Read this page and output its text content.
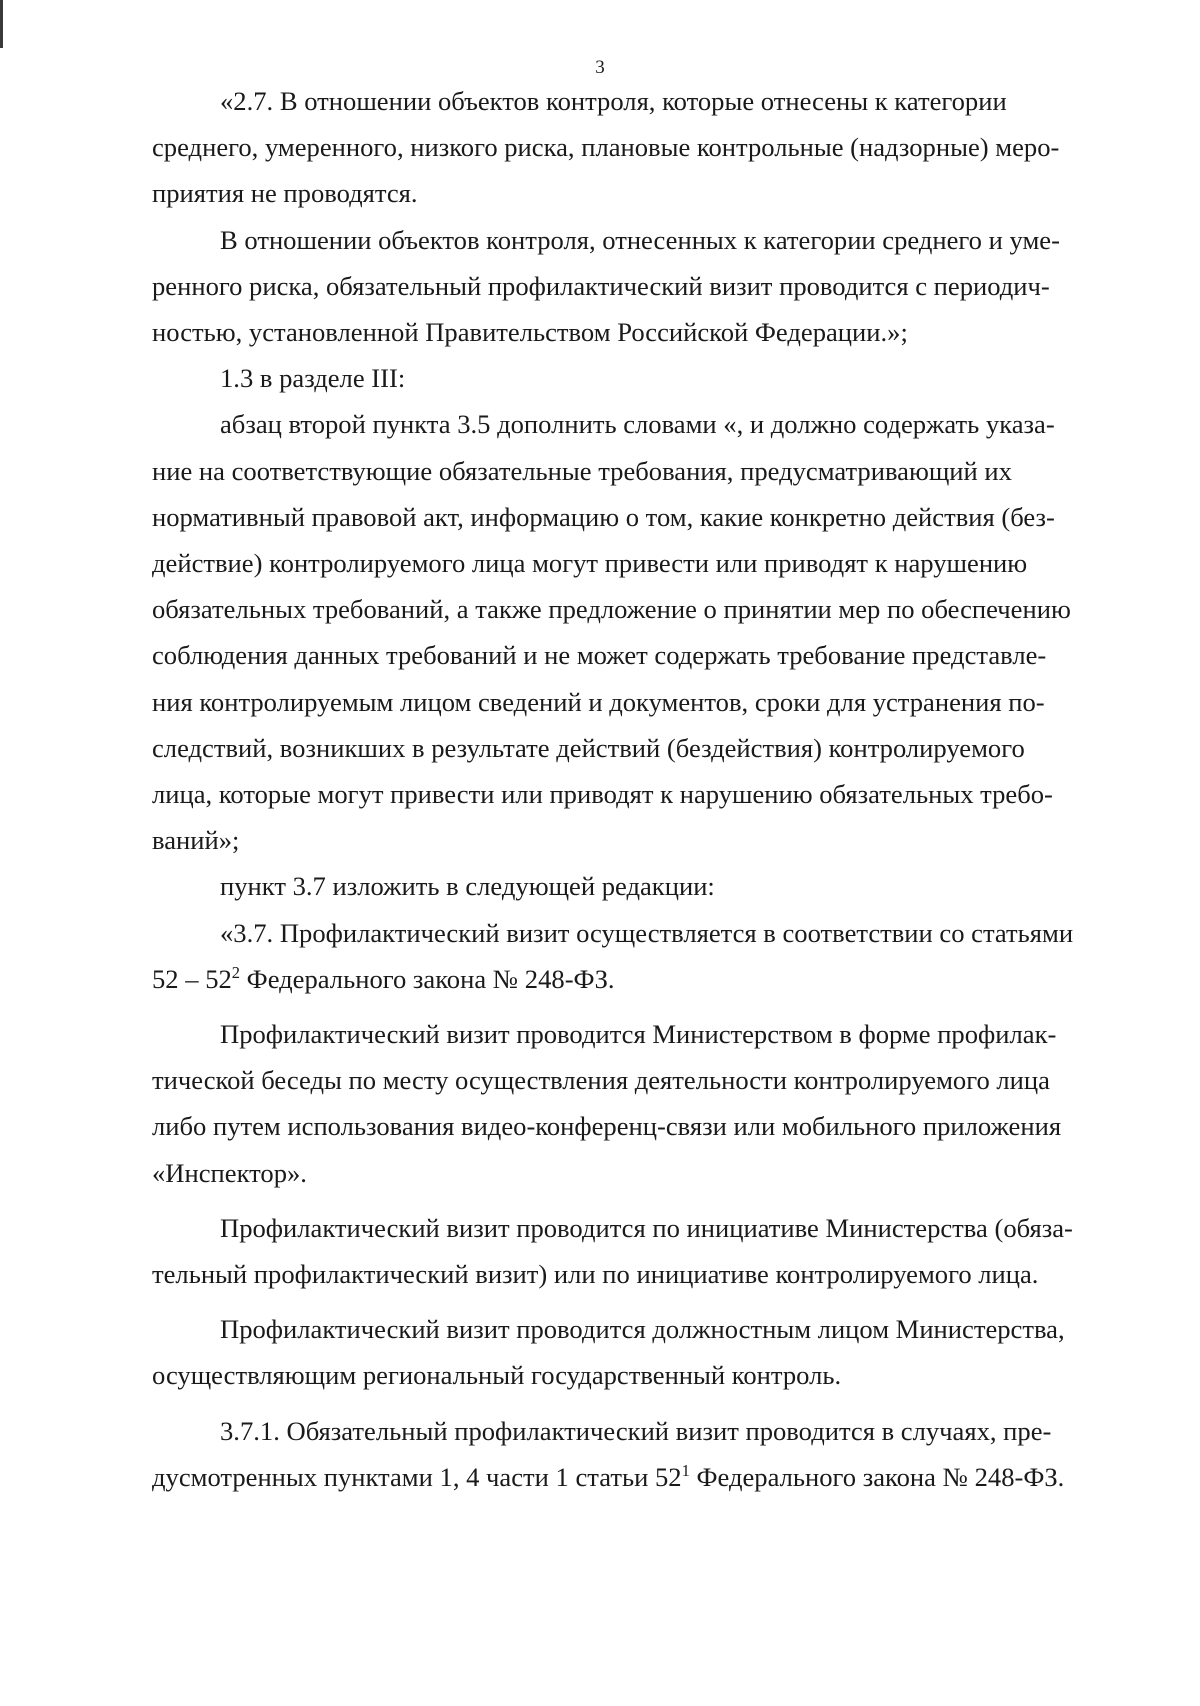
3

«2.7. В отношении объектов контроля, которые отнесены к категории
среднего, умеренного, низкого риска, плановые контрольные (надзорные) меро-
приятия не проводятся.

В отношении объектов контроля, отнесенных к категории среднего и уме-
ренного риска, обязательный профилактический визит проводится с периодич-
ностью, установленной Правительством Российской Федерации.»;

1.3 в разделе III:

абзац второй пункта 3.5 дополнить словами «, и должно содержать указа-
ние на соответствующие обязательные требования, предусматривающий их
нормативный правовой акт, информацию о том, какие конкретно действия (без-
действие) контролируемого лица могут привести или приводят к нарушению
обязательных требований, а также предложение о принятии мер по обеспечению
соблюдения данных требований и не может содержать требование представле-
ния контролируемым лицом сведений и документов, сроки для устранения по-
следствий, возникших в результате действий (бездействия) контролируемого
лица, которые могут привести или приводят к нарушению обязательных требо-
ваний»;

пункт 3.7 изложить в следующей редакции:

«3.7. Профилактический визит осуществляется в соответствии со статьями
$52 - 52^2$ Федерального закона № 248-ФЗ.

Профилактический визит проводится Министерством в форме профилак-
тической беседы по месту осуществления деятельности контролируемого лица
либо путем использования видео-конференц-связи или мобильного приложения
«Инспектор».

Профилактический визит проводится по инициативе Министерства (обяза-
тельный профилактический визит) или по инициативе контролируемого лица.

Профилактический визит проводится должностным лицом Министерства,
осуществляющим региональный государственный контроль.

3.7.1. Обязательный профилактический визит проводится в случаях, пре-
дусмотренных пунктами 1, 4 части 1 статьи $52^1$ Федерального закона № 248-ФЗ.
